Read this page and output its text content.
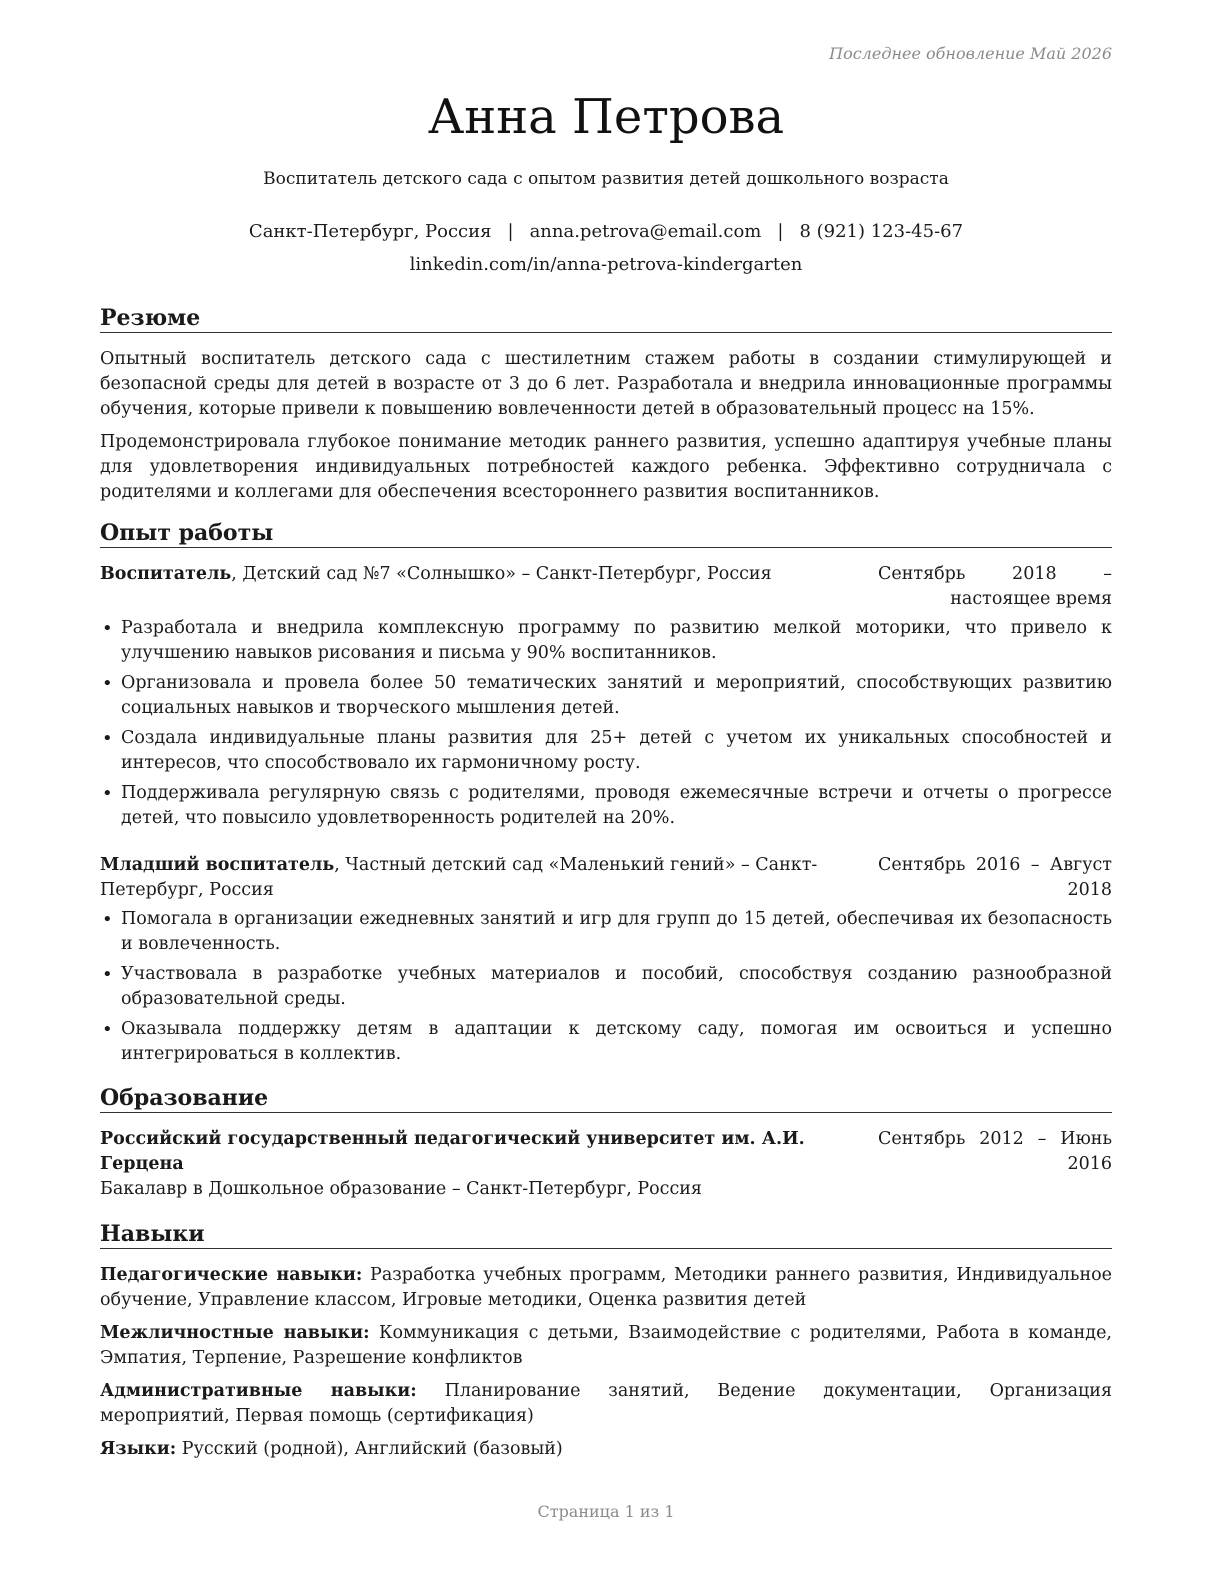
Последнее обновление Май 2026
Анна Петрова
Воспитатель детского сада с опытом развития детей дошкольного возраста
Санкт-Петербург, Россия | anna.petrova@email.com | 8 (921) 123-45-67
linkedin.com/in/anna-petrova-kindergarten
Резюме

Опытный воспитатель детского сада с шестилетним стажем работы в создании стимулирующей и безопасной среды для детей в возрасте от 3 до 6 лет. Разработала и внедрила инновационные программы обучения, которые привели к повышению вовлеченности детей в образовательный процесс на 15%.

Продемонстрировала глубокое понимание методик раннего развития, успешно адаптируя учебные планы для удовлетворения индивидуальных потребностей каждого ребенка. Эффективно сотрудничала с родителями и коллегами для обеспечения всестороннего развития воспитанников.

Опыт работы
Воспитатель, Детский сад №7 «Солнышко» – Санкт-Петербург, Россия	Сентябрь 2018 – настоящее время
• Разработала и внедрила комплексную программу по развитию мелкой моторики, что привело к улучшению навыков рисования и письма у 90% воспитанников.
• Организовала и провела более 50 тематических занятий и мероприятий, способствующих развитию социальных навыков и творческого мышления детей.
• Создала индивидуальные планы развития для 25+ детей с учетом их уникальных способностей и интересов, что способствовало их гармоничному росту.
• Поддерживала регулярную связь с родителями, проводя ежемесячные встречи и отчеты о прогрессе детей, что повысило удовлетворенность родителей на 20%.
Младший воспитатель, Частный детский сад «Маленький гений» – Санкт-Петербург, Россия
Сентябрь 2016 – Август 2018
• Помогала в организации ежедневных занятий и игр для групп до 15 детей, обеспечивая их безопасность и вовлеченность.
• Участвовала в разработке учебных материалов и пособий, способствуя созданию разнообразной образовательной среды.
• Оказывала поддержку детям в адаптации к детскому саду, помогая им освоиться и успешно интегрироваться в коллектив.
Образование
Российский государственный педагогический университет им. А.И. Герцена
Бакалавр в Дошкольное образование – Санкт-Петербург, Россия
Сентябрь 2012 – Июнь 2016
Навыки
Педагогические навыки: Разработка учебных программ, Методики раннего развития, Индивидуальное обучение, Управление классом, Игровые методики, Оценка развития детей
Межличностные навыки: Коммуникация с детьми, Взаимодействие с родителями, Работа в команде, Эмпатия, Терпение, Разрешение конфликтов
Административные навыки: Планирование занятий, Ведение документации, Организация мероприятий, Первая помощь (сертификация)
Языки: Русский (родной), Английский (базовый)
Страница 1 из 1
